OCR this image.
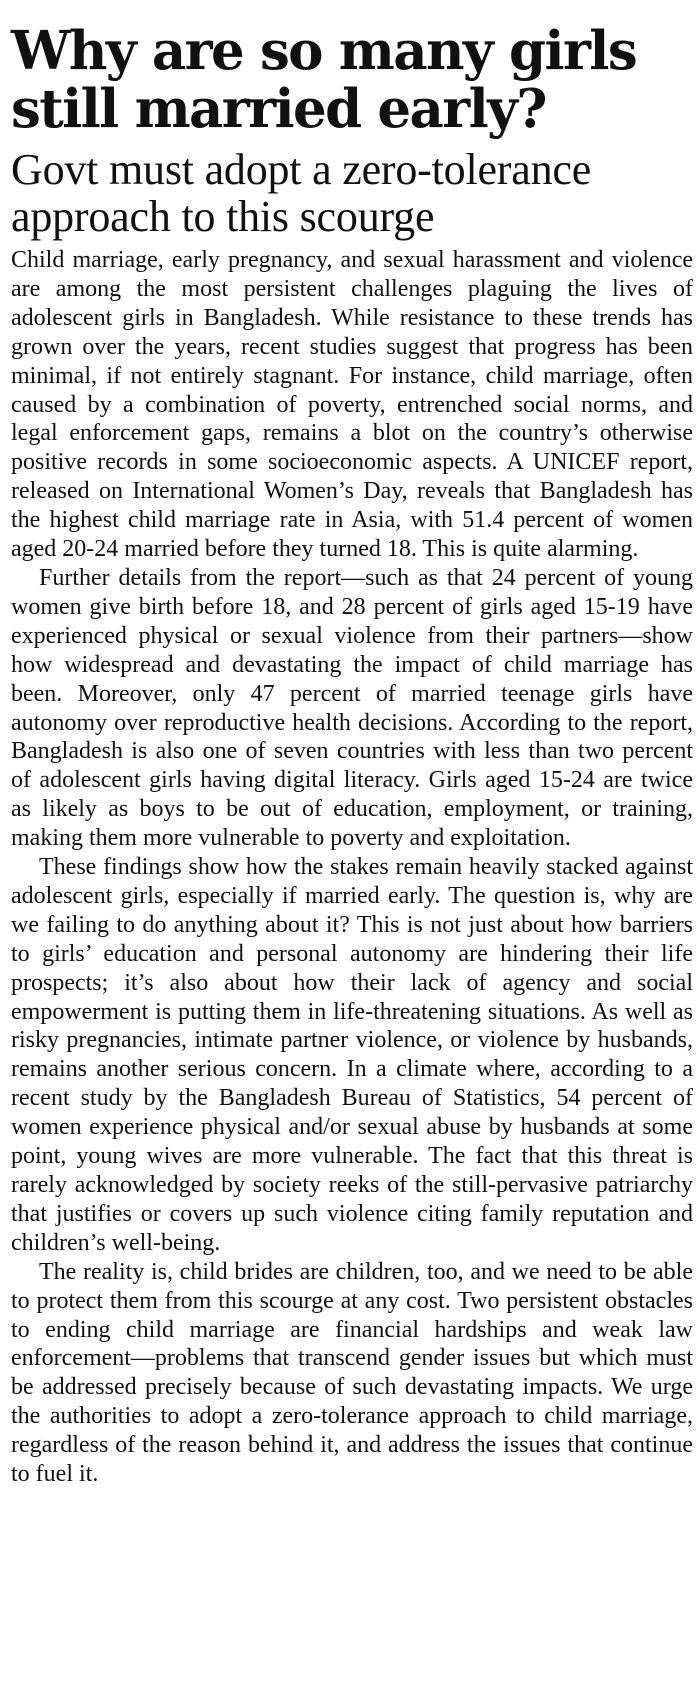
Why are so many girls still married early?
Govt must adopt a zero-tolerance approach to this scourge

Child marriage, early pregnancy, and sexual harassment and violence are among the most persistent challenges plaguing the lives of adolescent girls in Bangladesh. While resistance to these trends has grown over the years, recent studies suggest that progress has been minimal, if not entirely stagnant. For instance, child marriage, often caused by a combination of poverty, entrenched social norms, and legal enforcement gaps, remains a blot on the country’s otherwise positive records in some socioeconomic aspects. A UNICEF report, released on International Women’s Day, reveals that Bangladesh has the highest child marriage rate in Asia, with 51.4 percent of women aged 20-24 married before they turned 18. This is quite alarming.

Further details from the report—such as that 24 percent of young women give birth before 18, and 28 percent of girls aged 15-19 have experienced physical or sexual violence from their partners—show how widespread and devastating the impact of child marriage has been. Moreover, only 47 percent of married teenage girls have autonomy over reproductive health decisions. According to the report, Bangladesh is also one of seven countries with less than two percent of adolescent girls having digital literacy. Girls aged 15-24 are twice as likely as boys to be out of education, employment, or training, making them more vulnerable to poverty and exploitation.

These findings show how the stakes remain heavily stacked against adolescent girls, especially if married early. The question is, why are we failing to do anything about it? This is not just about how barriers to girls’ education and personal autonomy are hindering their life prospects; it’s also about how their lack of agency and social empowerment is putting them in life-threatening situations. As well as risky pregnancies, intimate partner violence, or violence by husbands, remains another serious concern. In a climate where, according to a recent study by the Bangladesh Bureau of Statistics, 54 percent of women experience physical and/or sexual abuse by husbands at some point, young wives are more vulnerable. The fact that this threat is rarely acknowledged by society reeks of the still-pervasive patriarchy that justifies or covers up such violence citing family reputation and children’s well-being.

The reality is, child brides are children, too, and we need to be able to protect them from this scourge at any cost. Two persistent obstacles to ending child marriage are financial hardships and weak law enforcement—problems that transcend gender issues but which must be addressed precisely because of such devastating impacts. We urge the authorities to adopt a zero-tolerance approach to child marriage, regardless of the reason behind it, and address the issues that continue to fuel it.
